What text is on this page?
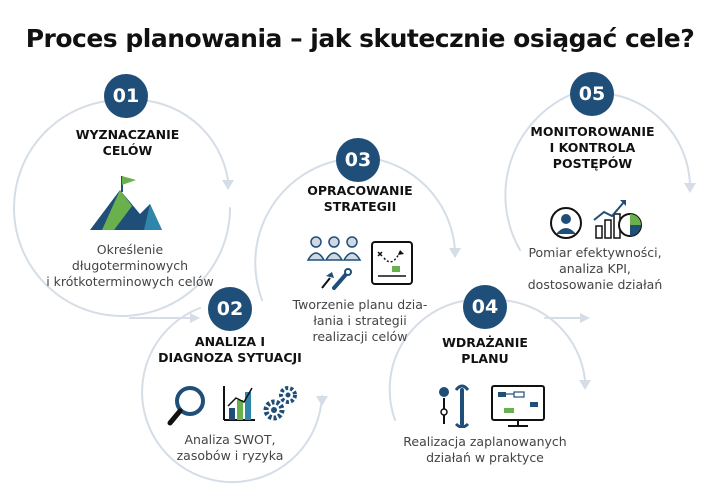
Proces planowania – jak skutecznie osiągać cele?
01
WYZNACZANIE
CELÓW
Określenie
długoterminowych
i krótkoterminowych celów
02
ANALIZA I
DIAGNOZA SYTUACJI
Analiza SWOT,
zasobów i ryzyka
03
OPRACOWANIE
STRATEGII
Tworzenie planu dzia-
łania i strategii
realizacji celów
04
WDRAŻANIE
PLANU
Realizacja zaplanowanych
działań w praktyce
05
MONITOROWANIE
I KONTROLA
POSTĘPÓW
Pomiar efektywności,
analiza KPI,
dostosowanie działań
